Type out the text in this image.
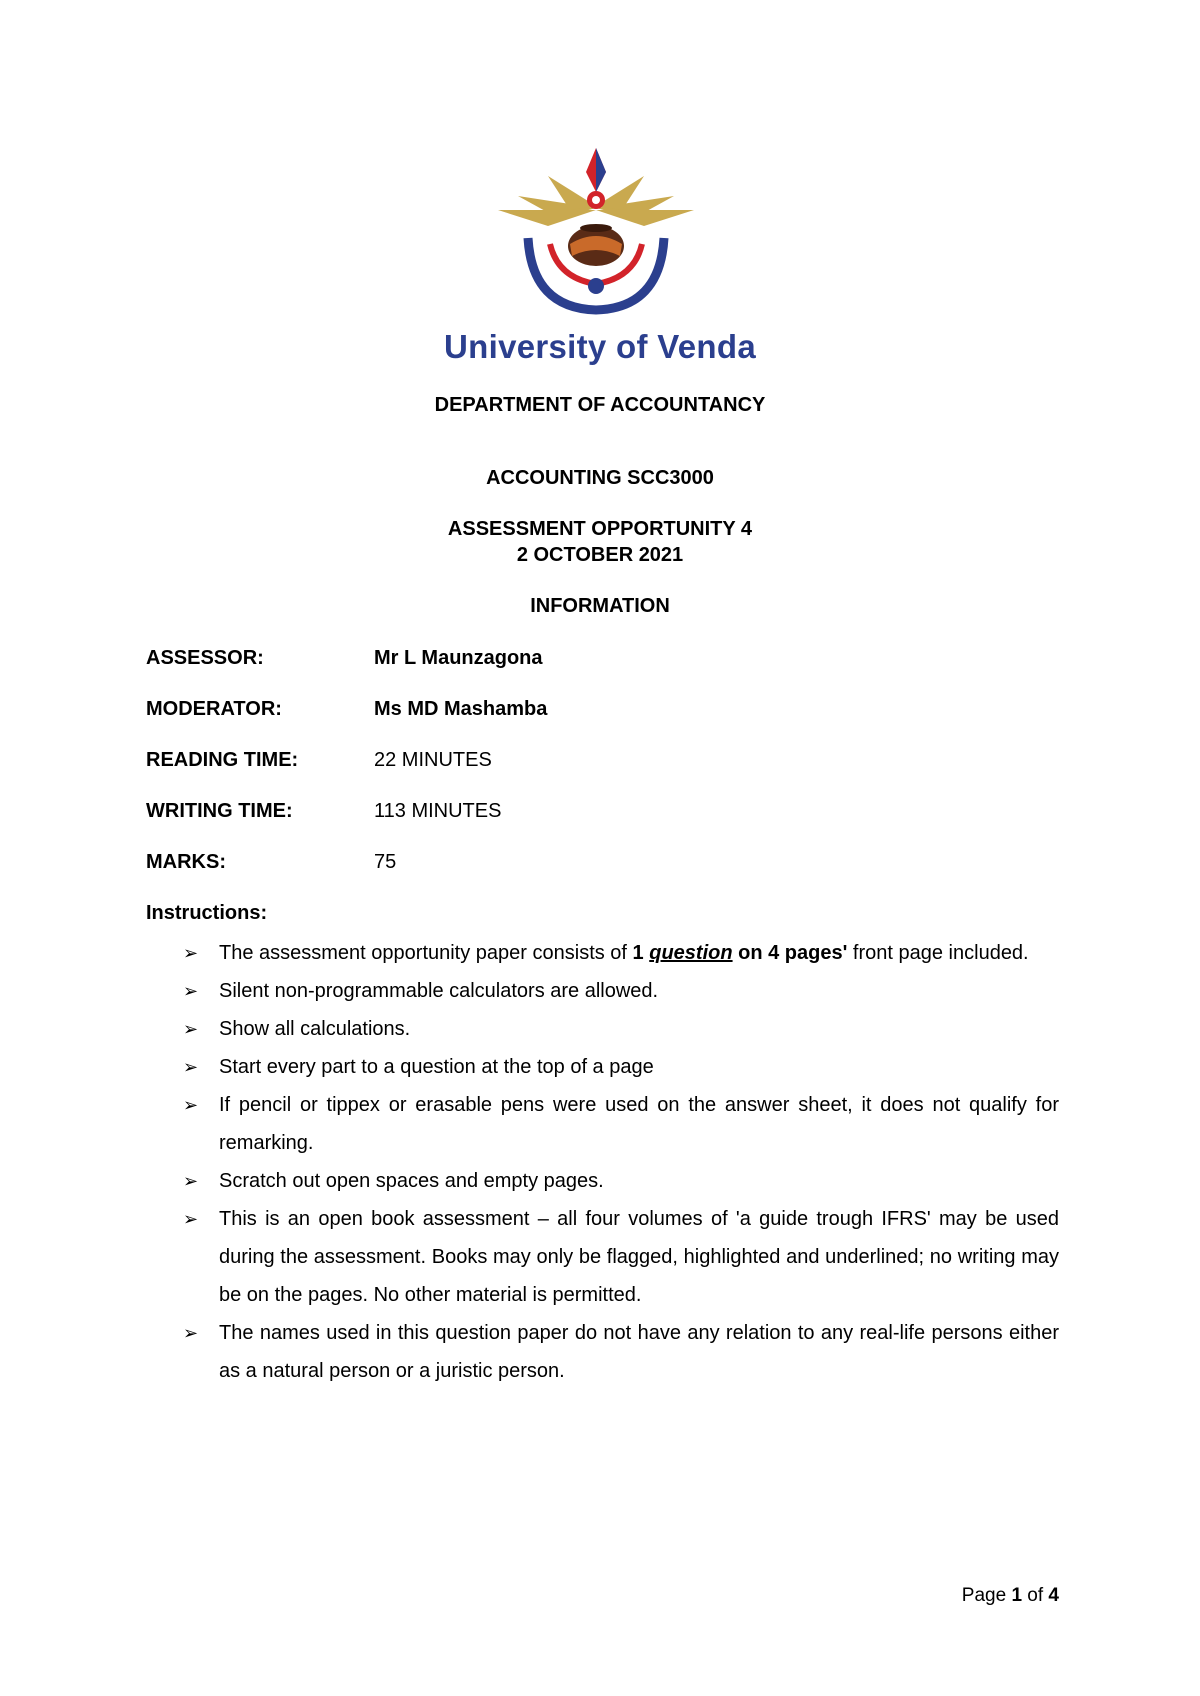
University of Venda
DEPARTMENT OF ACCOUNTANCY
ACCOUNTING SCC3000
ASSESSMENT OPPORTUNITY 4
2 OCTOBER 2021
INFORMATION
ASSESSOR:	Mr L Maunzagona
MODERATOR:	Ms MD Mashamba
READING TIME:	22 MINUTES
WRITING TIME:	113 MINUTES
MARKS:	75
Instructions:
➢ The assessment opportunity paper consists of 1 question on 4 pages' front page included.
➢ Silent non-programmable calculators are allowed.
➢ Show all calculations.
➢ Start every part to a question at the top of a page
➢ If pencil or tippex or erasable pens were used on the answer sheet, it does not qualify for remarking.
➢ Scratch out open spaces and empty pages.
➢ This is an open book assessment – all four volumes of 'a guide trough IFRS' may be used during the assessment. Books may only be flagged, highlighted and underlined; no writing may be on the pages. No other material is permitted.
➢ The names used in this question paper do not have any relation to any real-life persons either as a natural person or a juristic person.
Page 1 of 4
